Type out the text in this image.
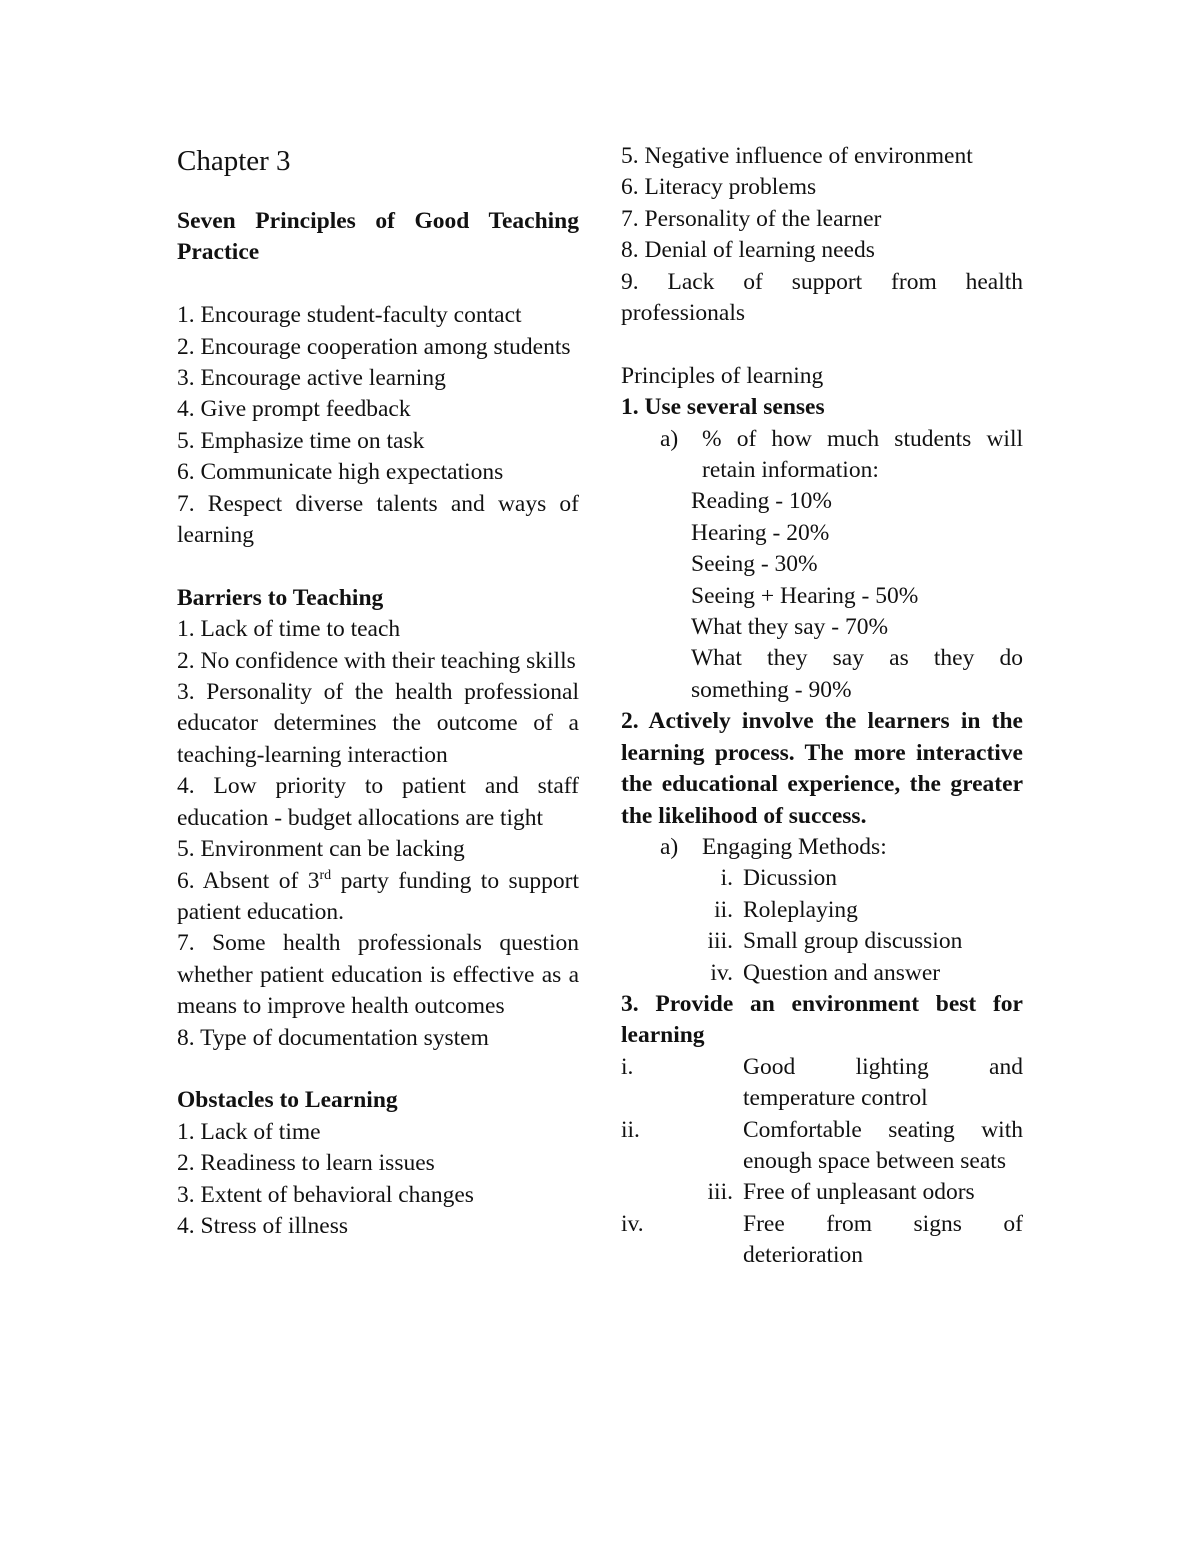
Chapter 3

Seven Principles of Good Teaching Practice

1. Encourage student-faculty contact

2. Encourage cooperation among students

3. Encourage active learning

4. Give prompt feedback

5. Emphasize time on task

6. Communicate high expectations

7. Respect diverse talents and ways of learning

Barriers to Teaching

1. Lack of time to teach

2. No confidence with their teaching skills

3. Personality of the health professional educator determines the outcome of a teaching-learning interaction

4. Low priority to patient and staff education - budget allocations are tight

5. Environment can be lacking

6. Absent of 3rd party funding to support patient education.

7. Some health professionals question whether patient education is effective as a means to improve health outcomes

8. Type of documentation system

Obstacles to Learning

1. Lack of time

2. Readiness to learn issues

3. Extent of behavioral changes

4. Stress of illness

5. Negative influence of environment

6. Literacy problems

7. Personality of the learner

8. Denial of learning needs

9. Lack of support from health professionals

Principles of learning

1. Use several senses

a) % of how much students will retain information:

Reading - 10%

Hearing - 20%

Seeing - 30%

Seeing + Hearing - 50%

What they say - 70%

What they say as they do something - 90%

2. Actively involve the learners in the learning process. The more interactive the educational experience, the greater the likelihood of success.

a) Engaging Methods:
i. Dicussion
ii. Roleplaying
iii. Small group discussion
iv. Question and answer

3. Provide an environment best for learning

i.	Good lighting and temperature control
ii.	Comfortable seating with enough space between seats
iii. Free of unpleasant odors
iv.	Free from signs of deterioration
